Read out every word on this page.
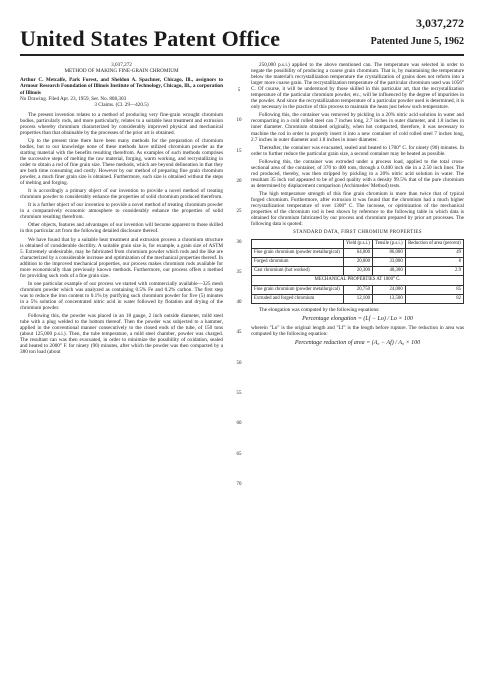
United States Patent Office
3,037,272
Patented June 5, 1962
3,037,272
METHOD OF MAKING FINE-GRAIN CHROMIUM

Arthur C. Metcalfe, Park Forest, and Sheldon A. Spachner, Chicago, Ill., assignors to Armour Research Foundation of Illinois Institute of Technology, Chicago, Ill., a corporation of Illinois
No Drawing. Filed Apr. 23, 1959, Ser. No. 808,303

3 Claims. (Cl. 29—420.5)

The present invention relates to a method of producing very fine-grain wrought chromium bodies, particularly rods, and more particularly, relates to a suitable heat treatment and extrusion process whereby chromium characterized by considerably improved physical and mechanical properties than that obtainable by the processes of the prior art is obtained.

Up to the present time there have been many methods for the preparation of chromium bodies, but to our knowledge none of these methods have utilized chromium powder as the starting material with the benefits resulting therefrom. As examples of such methods comprises the successive steps of melting the raw material, forging, warm working, and recrystallizing in order to obtain a rod of fine grain size. These methods, which are beyond delineation in that they are both time consuming and costly. However by our method of preparing fine grain chromium powder, a much finer grain size is obtained. Furthermore, such size is obtained without the steps of melting and forging.

It is accordingly a primary object of our invention to provide a novel method of treating chromium powder to considerably enhance the properties of solid chromium produced therefrom.

It is a further object of our invention to provide a novel method of treating chromium powder in a comparatively economic atmosphere to considerably enhance the properties of solid chromium resulting therefrom.

Other objects, features and advantages of our invention will become apparent to those skilled in this particular art from the following detailed disclosure thereof.

We have found that by a suitable heat treatment and extrusion process a chromium structure is obtained of considerable ductility. A suitable grain size is, for example, a grain size of ASTM 5. Extremely undesirable, may be fabricated from chromium powder which rods and the like are characterized by a considerable increase and optimization of the mechanical properties thereof. In addition to the improved mechanical properties, our process makes chromium rods available for more economically than previously known methods. Furthermore, our process offers a method for providing such rods of a fine grain size.

In one particular example of our process we started with commercially available—325 mesh chromium powder which was analyzed as containing 0.5% Fe and 0.2% carbon. The first step was to reduce the iron content to 0.1% by purifying such chromium powder for five (5) minutes in a 5% solution of concentrated nitric acid in water followed by flotation and drying of the chromium powder.

Following this, the powder was placed in an 18 gauge, 2 inch outside diameter, mild steel tube with a plug welded to the bottom thereof. Then the powder was subjected to a hammer, applied in the conventional manner consecutively to the closed ends of the tube, of 150 tons (about 125,000 p.s.i.). Then, the tube temperature, a mild steel chamber, powder was charged. The resultant can was then evacuated, in order to minimize the possibility of oxidation, sealed and heated to 2000° F. for ninety (90) minutes, after which the powder was then compacted by a 380 ton load (about

5
10
15
20
25
30
35
40
45
50
55
60
65
70

250,000 p.s.i.) applied to the above mentioned can. The temperature was selected in order to negate the possibility of producing a coarse grain chromium. That is, by maintaining the temperature below the material's recrystallization temperature the crystallization of grains does not reform into a larger more coarse grain. The recrystallization temperature of the particular chromium used was 1056° C. Of course, it will be understood by those skilled in this particular art, that the recrystallization temperature of the particular chromium powder, etc., will be influenced by the degree of impurities in the powder. And since the recrystallization temperature of a particular powder used is determined, it is only necessary in the practice of this process to maintain the heats just below such temperature.

Following this, the container was removed by pickling in a 20% nitric acid solution in water and recompacting in a cold rolled steel can 7 inches long, 2.7 inches in outer diameter, and 1.8 inches in inner diameter. Chromium obtained originally, when hot compacted, therefore, it was necessary to machine the rod in order to properly insert it into a new container of cold rolled steel 7 inches long, 2.7 inches in outer diameter and 1.8 inches in inner diameter.

Thereafter, the container was evacuated, sealed and heated to 1700° C. for ninety (90) minutes. In order to further reduce the particular grain size, a second container may be heated as possible.

Following this, the container was extruded under a process load, applied to the total cross-sectional area of the container, of 370 to 400 tons, through a 0.400 inch die in a 2.50 inch liner. The rod produced, thereby, was then stripped by pickling in a 20% nitric acid solution in water. The resultant 35 inch rod appeared to be of good quality with a density 99.5% that of the pure chromium as determined by displacement comparison (Archimedes' Method) tests.

The high temperature strength of this fine grain chromium is more than twice that of typical forged chromium. Furthermore, after extrusion it was found that the chromium had a much higher recrystallization temperature of over 1300° C. The increase, or optimization of the mechanical properties of the chromium rod is best shown by reference to the following table in which data is obtained for chromium fabricated by our process and chromium prepared by prior art processes. The following data is quoted:

STANDARD DATA, FIRST CHROMIUM PROPERTIES
	Yield (p.s.i.)	Tensile (p.s.i.)	Reduction of area (percent)
Fine grain chromium (powder metallurgical)	64,000	86,000	49
Forged chromium	20,000	33,000	8
Cast chromium (hot worked)	20,300	40,300	2.9
MECHANICAL PROPERTIES AT 1000° C.			
Fine grain chromium (powder metallurgical)	20,750	24,000	85
Extruded and forged chromium	12,100	13,500	82

The elongation was computed by the following equations:

Percentage elongation = (Lf − Lo) / Lo × 100

wherein "Lo" is the original length and "Lf" is the length before rupture. The reduction in area was computed by the following equation:

Percentage reduction of area = (A₀ − Af) / A₀ × 100
